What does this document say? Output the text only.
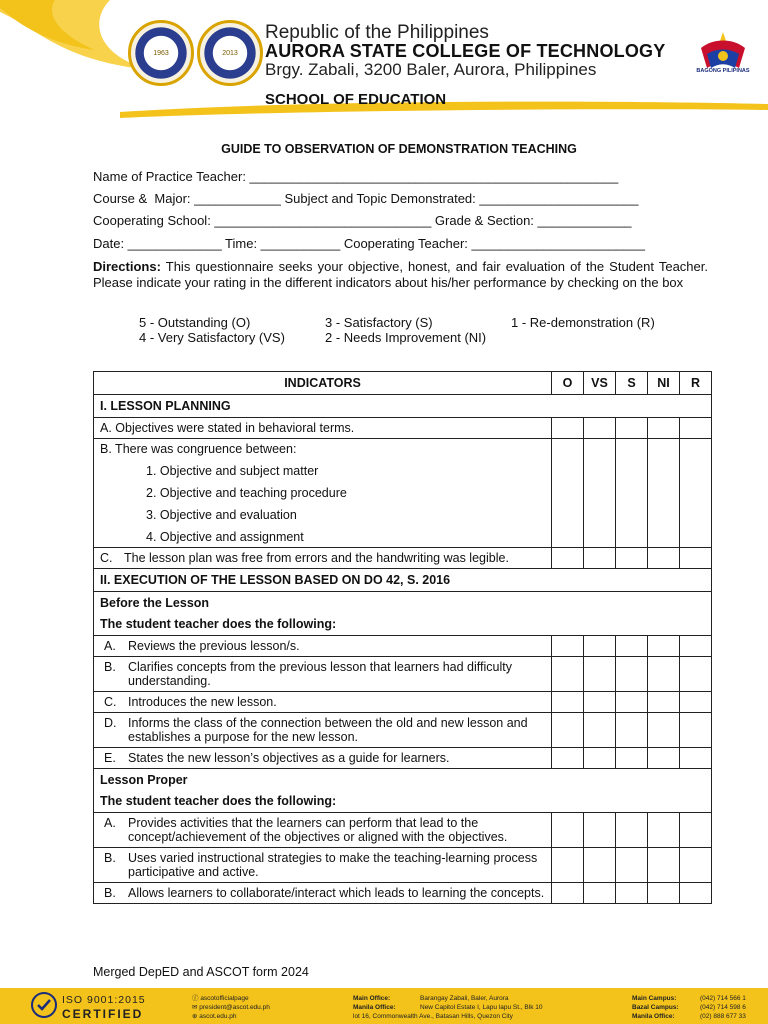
1963	2013
Republic of the Philippines
AURORA STATE COLLEGE OF TECHNOLOGY
Brgy. Zabali, 3200 Baler, Aurora, Philippines
SCHOOL OF EDUCATION
BAGONG PILIPINAS
GUIDE TO OBSERVATION OF DEMONSTRATION TEACHING
Name of Practice Teacher: ___________________________________________________
Course &  Major: ____________ Subject and Topic Demonstrated: ______________________
Cooperating School: ______________________________ Grade & Section: _____________
Date: _____________ Time: ___________ Cooperating Teacher: ________________________
Directions: This questionnaire seeks your objective, honest, and fair evaluation of the Student Teacher. Please indicate your rating in the different indicators about his/her performance by checking on the box
5 - Outstanding (O)	3 - Satisfactory (S)	1 - Re-demonstration (R)
4 - Very Satisfactory (VS)	2 - Needs Improvement (NI)
INDICATORS	O	VS	S	NI	R
I. LESSON PLANNING					
A. Objectives were stated in behavioral terms.					

B. There was congruence between:
1. Objective and subject matter
2. Objective and teaching procedure
3. Objective and evaluation
4. Objective and assignment					

C. The lesson plan was free from errors and the handwriting was legible.					

II. EXECUTION OF THE LESSON BASED ON DO 42, S. 2016					

Before the Lesson
The student teacher does the following:					

A. Reviews the previous lesson/s.					

B. Clarifies concepts from the previous lesson that learners had difficulty understanding.					

C. Introduces the new lesson.					

D. Informs the class of the connection between the old and new lesson and establishes a purpose for the new lesson.					

E. States the new lesson’s objectives as a guide for learners.					

Lesson Proper
The student teacher does the following:					

A. Provides activities that the learners can perform that lead to the concept/achievement of the objectives or aligned with the objectives.					

B. Uses varied instructional strategies to make the teaching-learning process participative and active.					

B. Allows learners to collaborate/interact which leads to learning the concepts.					

Merged DepED and ASCOT form 2024
ISO 9001:2015
CERTIFIED
ⓕ ascotofficialpage
✉ president@ascot.edu.ph
⊕ ascot.edu.ph
Main Office:	Barangay Zabali, Baler, Aurora
Manila Office:	New Capitol Estate I, Lapu lapu St., Blk 10
lot 16, Commonwealth Ave., Batasan Hills, Quezon City
Main Campus:	(042) 714 566 1
Bazal Campus:	(042) 714 598 6
Manila Office:	(02) 888 677 33
